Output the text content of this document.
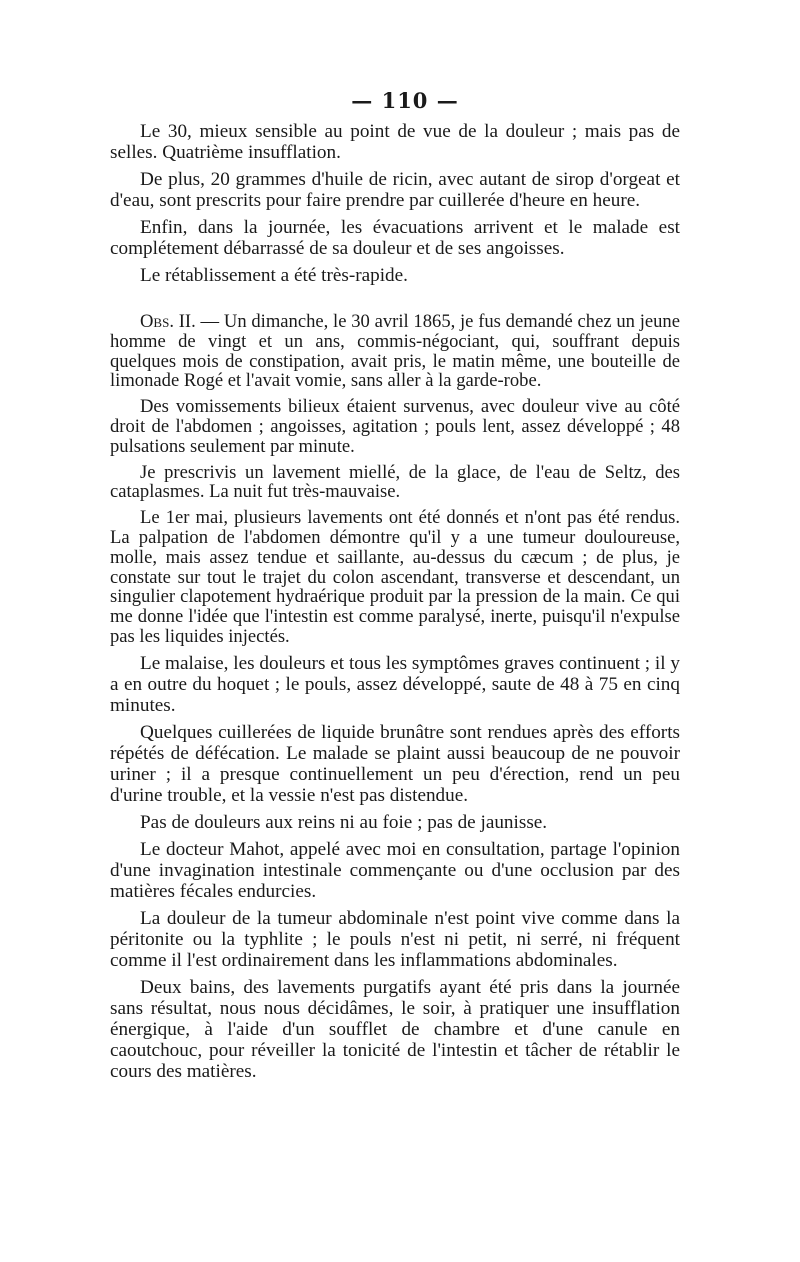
— 110 —

Le 30, mieux sensible au point de vue de la douleur ; mais pas de selles. Quatrième insufflation.

De plus, 20 grammes d'huile de ricin, avec autant de sirop d'orgeat et d'eau, sont prescrits pour faire prendre par cuillerée d'heure en heure.

Enfin, dans la journée, les évacuations arrivent et le malade est complétement débarrassé de sa douleur et de ses angoisses.

Le rétablissement a été très-rapide.

Obs. II. — Un dimanche, le 30 avril 1865, je fus demandé chez un jeune homme de vingt et un ans, commis-négociant, qui, souffrant depuis quelques mois de constipation, avait pris, le matin même, une bouteille de limonade Rogé et l'avait vomie, sans aller à la garde-robe.

Des vomissements bilieux étaient survenus, avec douleur vive au côté droit de l'abdomen ; angoisses, agitation ; pouls lent, assez développé ; 48 pulsations seulement par minute.

Je prescrivis un lavement miellé, de la glace, de l'eau de Seltz, des cataplasmes. La nuit fut très-mauvaise.

Le 1er mai, plusieurs lavements ont été donnés et n'ont pas été rendus. La palpation de l'abdomen démontre qu'il y a une tumeur douloureuse, molle, mais assez tendue et saillante, au-dessus du cæcum ; de plus, je constate sur tout le trajet du colon ascendant, transverse et descendant, un singulier clapotement hydraérique produit par la pression de la main. Ce qui me donne l'idée que l'intestin est comme paralysé, inerte, puisqu'il n'expulse pas les liquides injectés.

Le malaise, les douleurs et tous les symptômes graves continuent ; il y a en outre du hoquet ; le pouls, assez développé, saute de 48 à 75 en cinq minutes.

Quelques cuillerées de liquide brunâtre sont rendues après des efforts répétés de défécation. Le malade se plaint aussi beaucoup de ne pouvoir uriner ; il a presque continuellement un peu d'érection, rend un peu d'urine trouble, et la vessie n'est pas distendue.

Pas de douleurs aux reins ni au foie ; pas de jaunisse.

Le docteur Mahot, appelé avec moi en consultation, partage l'opinion d'une invagination intestinale commençante ou d'une occlusion par des matières fécales endurcies.

La douleur de la tumeur abdominale n'est point vive comme dans la péritonite ou la typhlite ; le pouls n'est ni petit, ni serré, ni fréquent comme il l'est ordinairement dans les inflammations abdominales.

Deux bains, des lavements purgatifs ayant été pris dans la journée sans résultat, nous nous décidâmes, le soir, à pratiquer une insufflation énergique, à l'aide d'un soufflet de chambre et d'une canule en caoutchouc, pour réveiller la tonicité de l'intestin et tâcher de rétablir le cours des matières.
